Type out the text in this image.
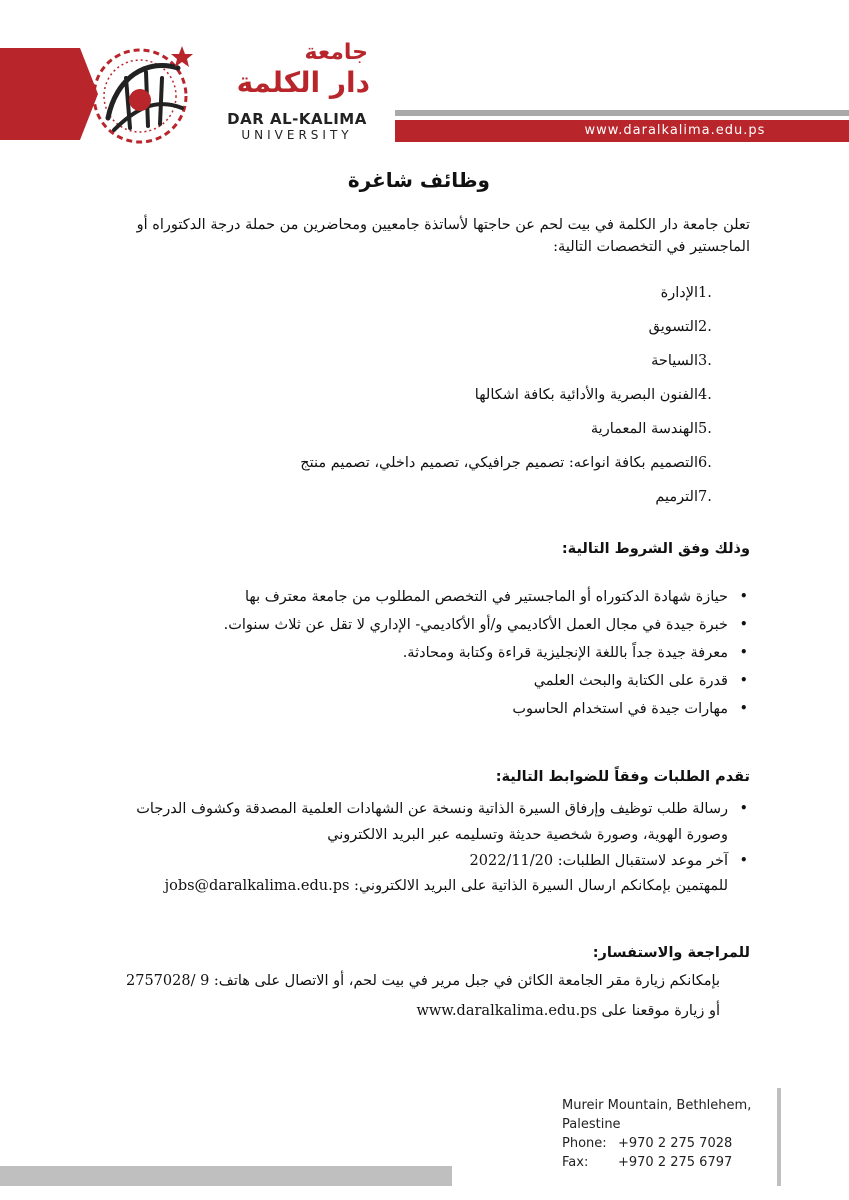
www.daralkalima.edu.ps
جامعة
دار الكلمة
DAR AL-KALIMA
UNIVERSITY
وظائف شاغرة
تعلن جامعة دار الكلمة في بيت لحم عن حاجتها لأساتذة جامعيين ومحاضرين من حملة درجة الدكتوراه أو الماجستير في التخصصات التالية:
1.
الإدارة
2.
التسويق
3.
السياحة
4.
الفنون البصرية والأدائية بكافة اشكالها
5.
الهندسة المعمارية
6.
التصميم بكافة انواعه: تصميم جرافيكي، تصميم داخلي، تصميم منتج
7.
الترميم
وذلك وفق الشروط التالية:
• حيازة شهادة الدكتوراه أو الماجستير في التخصص المطلوب من جامعة معترف بها
• خبرة جيدة في مجال العمل الأكاديمي و/أو الأكاديمي- الإداري لا تقل عن ثلاث سنوات.
• معرفة جيدة جداً باللغة الإنجليزية قراءة وكتابة ومحادثة.
• قدرة على الكتابة والبحث العلمي
• مهارات جيدة في استخدام الحاسوب
تقدم الطلبات وفقاً للضوابط التالية:
• رسالة طلب توظيف وإرفاق السيرة الذاتية ونسخة عن الشهادات العلمية المصدقة وكشوف الدرجات وصورة الهوية، وصورة شخصية حديثة وتسليمه عبر البريد الالكتروني
• آخر موعد لاستقبال الطلبات: 2022/11/20
للمهتمين بإمكانكم ارسال السيرة الذاتية على البريد الالكتروني: jobs@daralkalima.edu.ps
للمراجعة والاستفسار:
بإمكانكم زيارة مقر الجامعة الكائن في جبل مرير في بيت لحم، أو الاتصال على هاتف: 9 /2757028
أو زيارة موقعنا على www.daralkalima.edu.ps
Mureir Mountain, Bethlehem,
Palestine
Phone: +970 2 275 7028
Fax:	+970 2 275 6797
